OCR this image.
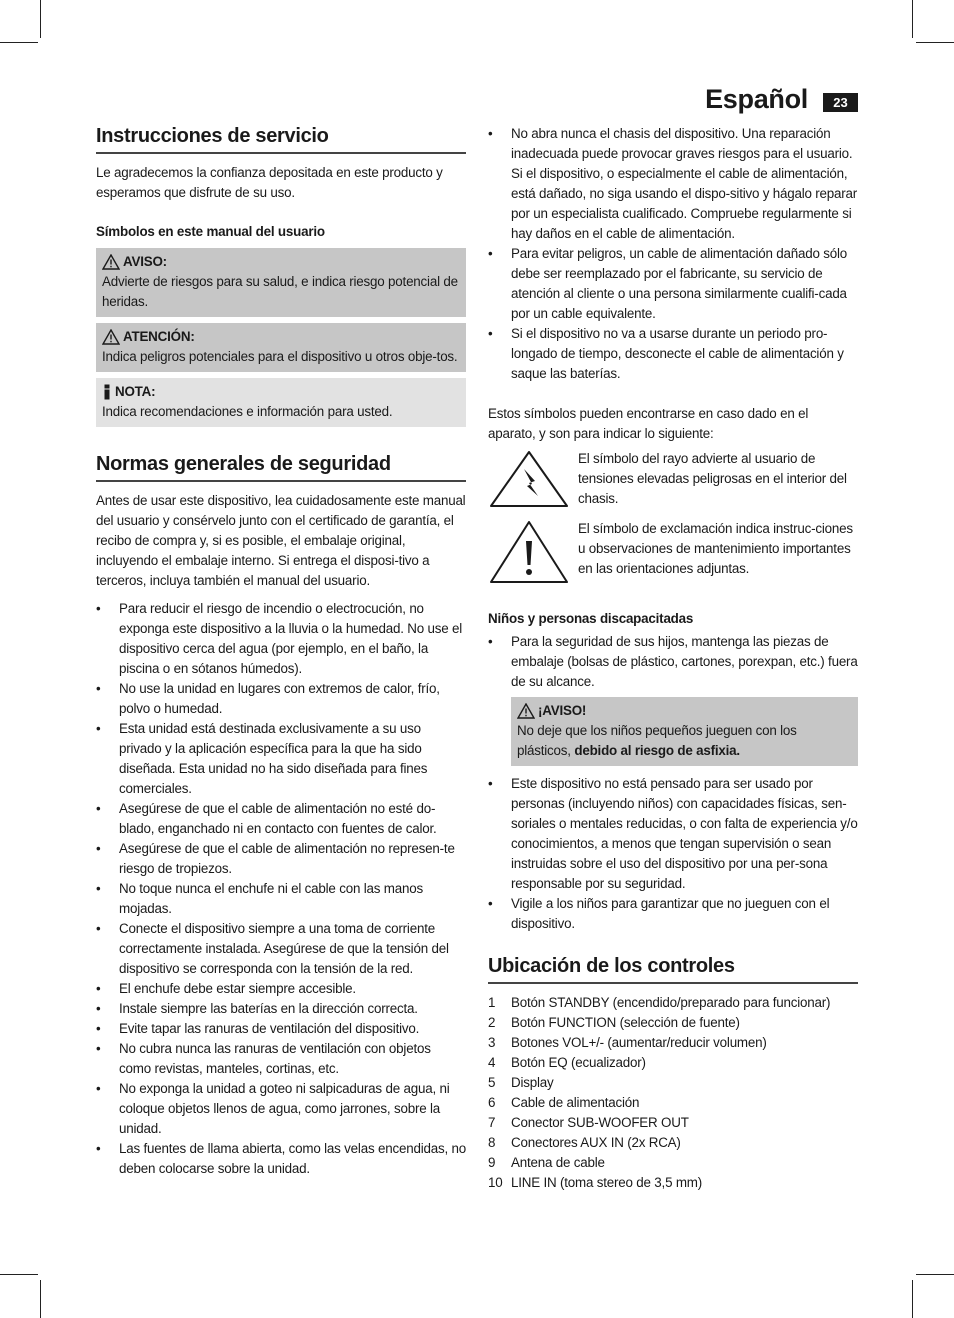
Español	23
Instrucciones de servicio

Le agradecemos la confianza depositada en este producto y esperamos que disfrute de su uso.

Símbolos en este manual del usuario

AVISO:
Advierte de riesgos para su salud, e indica riesgo potencial de heridas.
ATENCIÓN:
Indica peligros potenciales para el dispositivo u otros obje-tos.
NOTA:
Indica recomendaciones e información para usted.
Normas generales de seguridad

Antes de usar este dispositivo, lea cuidadosamente este manual del usuario y consérvelo junto con el certificado de garantía, el recibo de compra y, si es posible, el embalaje original, incluyendo el embalaje interno. Si entrega el disposi-tivo a terceros, incluya también el manual del usuario.

• Para reducir el riesgo de incendio o electrocución, no exponga este dispositivo a la lluvia o la humedad. No use el dispositivo cerca del agua (por ejemplo, en el baño, la piscina o en sótanos húmedos).
• No use la unidad en lugares con extremos de calor, frío, polvo o humedad.
• Esta unidad está destinada exclusivamente a su uso privado y la aplicación específica para la que ha sido diseñada. Esta unidad no ha sido diseñada para fines comerciales.
• Asegúrese de que el cable de alimentación no esté do-blado, enganchado ni en contacto con fuentes de calor.
• Asegúrese de que el cable de alimentación no represen-te riesgo de tropiezos.
• No toque nunca el enchufe ni el cable con las manos mojadas.
• Conecte el dispositivo siempre a una toma de corriente correctamente instalada. Asegúrese de que la tensión del dispositivo se corresponda con la tensión de la red.
• El enchufe debe estar siempre accesible.
• Instale siempre las baterías en la dirección correcta.
• Evite tapar las ranuras de ventilación del dispositivo.
• No cubra nunca las ranuras de ventilación con objetos como revistas, manteles, cortinas, etc.
• No exponga la unidad a goteo ni salpicaduras de agua, ni coloque objetos llenos de agua, como jarrones, sobre la unidad.
• Las fuentes de llama abierta, como las velas encendidas, no deben colocarse sobre la unidad.
• No abra nunca el chasis del dispositivo. Una reparación inadecuada puede provocar graves riesgos para el usuario. Si el dispositivo, o especialmente el cable de alimentación, está dañado, no siga usando el dispo-sitivo y hágalo reparar por un especialista cualificado. Compruebe regularmente si hay daños en el cable de alimentación.
• Para evitar peligros, un cable de alimentación dañado sólo debe ser reemplazado por el fabricante, su servicio de atención al cliente o una persona similarmente cualifi-cada por un cable equivalente.
• Si el dispositivo no va a usarse durante un periodo pro-longado de tiempo, desconecte el cable de alimentación y saque las baterías.

Estos símbolos pueden encontrarse en caso dado en el aparato, y son para indicar lo siguiente:

El símbolo del rayo advierte al usuario de tensiones elevadas peligrosas en el interior del chasis.

El símbolo de exclamación indica instruc-ciones u observaciones de mantenimiento importantes en las orientaciones adjuntas.

Niños y personas discapacitadas

• Para la seguridad de sus hijos, mantenga las piezas de embalaje (bolsas de plástico, cartones, porexpan, etc.) fuera de su alcance.
¡AVISO!
No deje que los niños pequeños jueguen con los plásticos, debido al riesgo de asfixia.
• Este dispositivo no está pensado para ser usado por personas (incluyendo niños) con capacidades físicas, sen-soriales o mentales reducidas, o con falta de experiencia y/o conocimientos, a menos que tengan supervisión o sean instruidas sobre el uso del dispositivo por una per-sona responsable por su seguridad.
• Vigile a los niños para garantizar que no jueguen con el dispositivo.
Ubicación de los controles
1	Botón STANDBY (encendido/preparado para funcionar)
2	Botón FUNCTION (selección de fuente)
3	Botones VOL+/- (aumentar/reducir volumen)
4	Botón EQ (ecualizador)
5	Display
6	Cable de alimentación
7	Conector SUB-WOOFER OUT
8	Conectores AUX IN (2x RCA)
9	Antena de cable
10 LINE IN (toma stereo de 3,5 mm)
